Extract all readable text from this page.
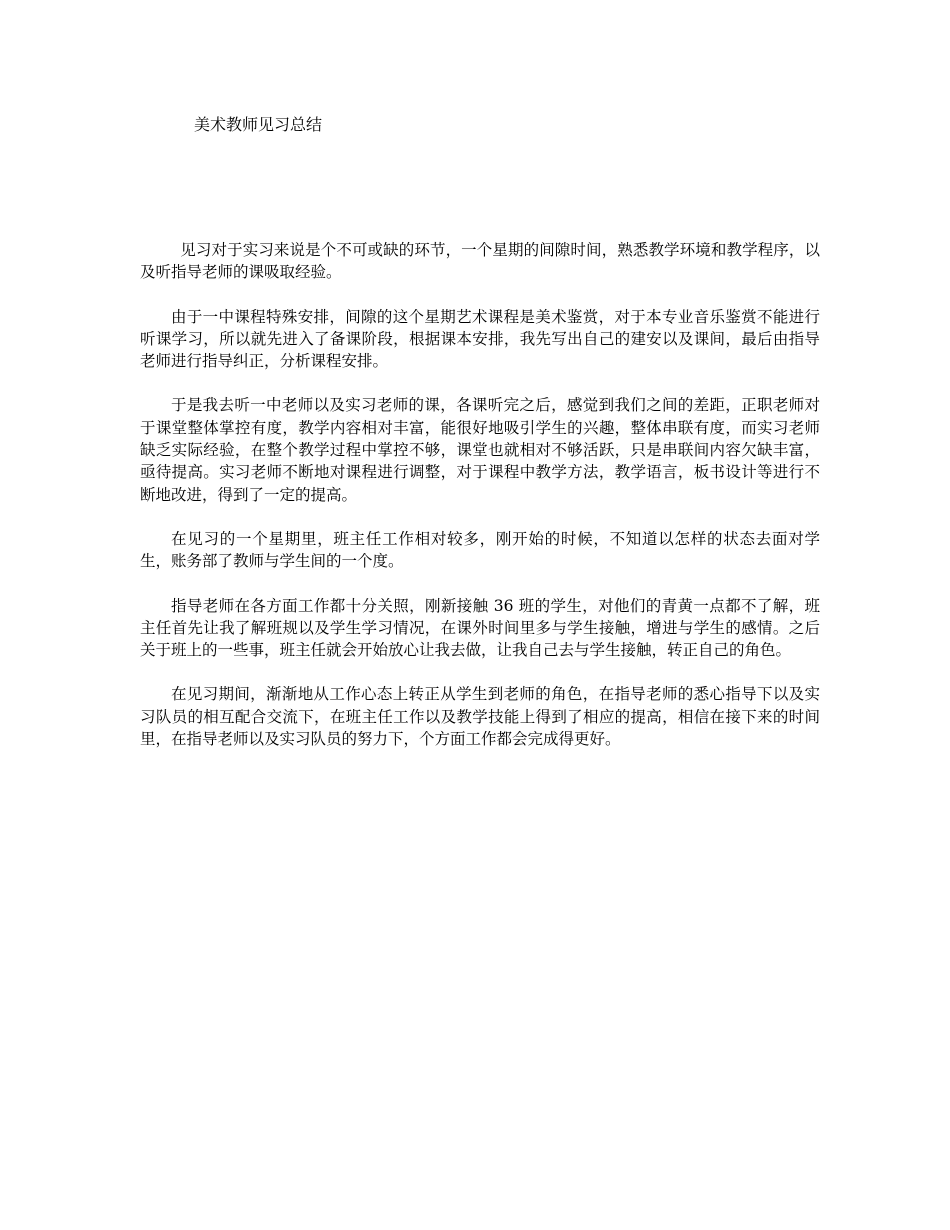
美术教师见习总结

见习对于实习来说是个不可或缺的环节，一个星期的间隙时间，熟悉教学环境和教学程序，以及听指导老师的课吸取经验。

由于一中课程特殊安排，间隙的这个星期艺术课程是美术鉴赏，对于本专业音乐鉴赏不能进行听课学习，所以就先进入了备课阶段，根据课本安排，我先写出自己的建安以及课间，最后由指导老师进行指导纠正，分析课程安排。

于是我去听一中老师以及实习老师的课，各课听完之后，感觉到我们之间的差距，正职老师对于课堂整体掌控有度，教学内容相对丰富，能很好地吸引学生的兴趣，整体串联有度，而实习老师缺乏实际经验，在整个教学过程中掌控不够，课堂也就相对不够活跃，只是串联间内容欠缺丰富，亟待提高。实习老师不断地对课程进行调整，对于课程中教学方法，教学语言，板书设计等进行不断地改进，得到了一定的提高。

在见习的一个星期里，班主任工作相对较多，刚开始的时候，不知道以怎样的状态去面对学生，账务部了教师与学生间的一个度。

指导老师在各方面工作都十分关照，刚新接触 36 班的学生，对他们的青黄一点都不了解，班主任首先让我了解班规以及学生学习情况，在课外时间里多与学生接触，增进与学生的感情。之后关于班上的一些事，班主任就会开始放心让我去做，让我自己去与学生接触，转正自己的角色。

在见习期间，渐渐地从工作心态上转正从学生到老师的角色，在指导老师的悉心指导下以及实习队员的相互配合交流下，在班主任工作以及教学技能上得到了相应的提高，相信在接下来的时间里，在指导老师以及实习队员的努力下，个方面工作都会完成得更好。
